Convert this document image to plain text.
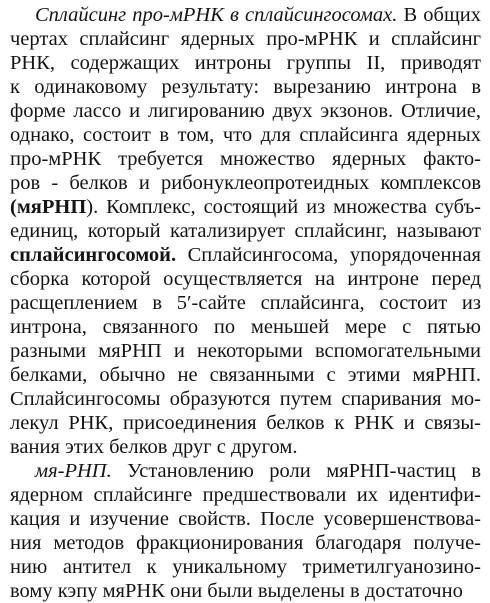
Сплайсинг про-мРНК в сплайсингосомах. В общих
чертах сплайсинг ядерных про-мРНК и сплайсинг
РНК, содержащих интроны группы II, приводят
к одинаковому результату: вырезанию интрона в
форме лассо и лигированию двух экзонов. Отличие,
однако, состоит в том, что для сплайсинга ядерных
про-мРНК требуется множество ядерных факто-
ров - белков и рибонуклеопротеидных комплексов
(мяРНП). Комплекс, состоящий из множества субъ-
единиц, который катализирует сплайсинг, называют
сплайсингосомой. Сплайсингосома, упорядоченная
сборка которой осуществляется на интроне перед
расщеплением в 5′-сайте сплайсинга, состоит из
интрона, связанного по меньшей мере с пятью
разными мяРНП и некоторыми вспомогательными
белками, обычно не связанными с этими мяРНП.
Сплайсингосомы образуются путем спаривания мо-
лекул РНК, присоединения белков к РНК и связы-
вания этих белков друг с другом.
мя-РНП. Установлению роли мяРНП-частиц в
ядерном сплайсинге предшествовали их идентифи-
кация и изучение свойств. После усовершенствова-
ния методов фракционирования благодаря получе-
нию антител к уникальному триметилгуанозино-
вому кэпу мяРНК они были выделены в достаточно
